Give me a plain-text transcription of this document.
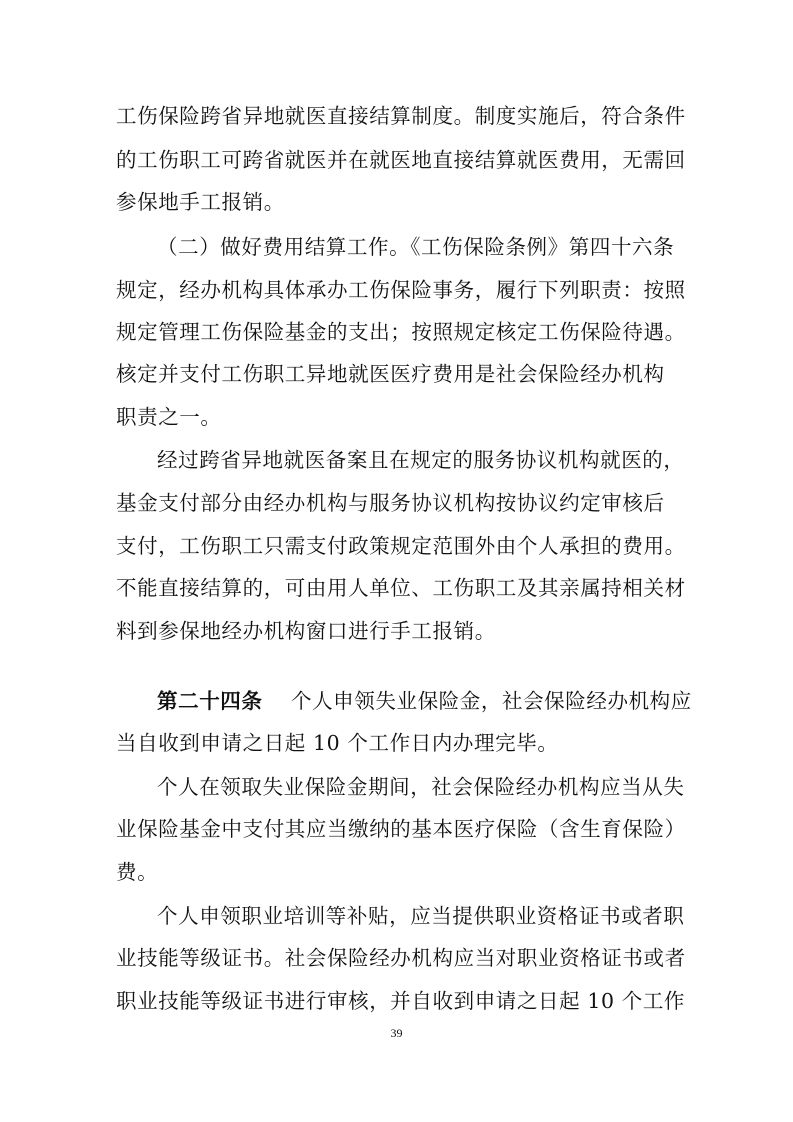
工伤保险跨省异地就医直接结算制度。制度实施后，符合条件
的工伤职工可跨省就医并在就医地直接结算就医费用，无需回
参保地手工报销。
（二）做好费用结算工作。《工伤保险条例》第四十六条
规定，经办机构具体承办工伤保险事务，履行下列职责：按照
规定管理工伤保险基金的支出；按照规定核定工伤保险待遇。
核定并支付工伤职工异地就医医疗费用是社会保险经办机构
职责之一。
经过跨省异地就医备案且在规定的服务协议机构就医的，
基金支付部分由经办机构与服务协议机构按协议约定审核后
支付，工伤职工只需支付政策规定范围外由个人承担的费用。
不能直接结算的，可由用人单位、工伤职工及其亲属持相关材
料到参保地经办机构窗口进行手工报销。
第二十四条 个人申领失业保险金，社会保险经办机构应
当自收到申请之日起 10 个工作日内办理完毕。
个人在领取失业保险金期间，社会保险经办机构应当从失
业保险基金中支付其应当缴纳的基本医疗保险（含生育保险）
费。
个人申领职业培训等补贴，应当提供职业资格证书或者职
业技能等级证书。社会保险经办机构应当对职业资格证书或者
职业技能等级证书进行审核，并自收到申请之日起 10 个工作
39
